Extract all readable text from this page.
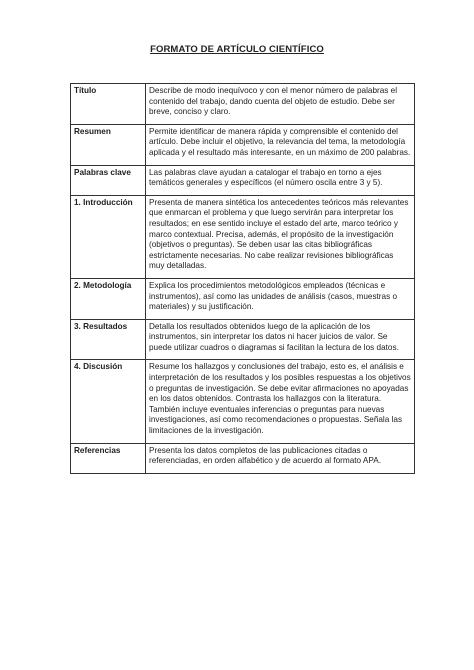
FORMATO DE ARTÍCULO CIENTÍFICO
Título	Describe de modo inequívoco y con el menor número de palabras el contenido del trabajo, dando cuenta del objeto de estudio. Debe ser breve, conciso y claro.
Resumen	Permite identificar de manera rápida y comprensible el contenido del artículo. Debe incluir el objetivo, la relevancia del tema, la metodología aplicada y el resultado más interesante, en un máximo de 200 palabras.
Palabras clave	Las palabras clave ayudan a catalogar el trabajo en torno a ejes temáticos generales y específicos (el número oscila entre 3 y 5).
1. Introducción	Presenta de manera sintética los antecedentes teóricos más relevantes que enmarcan el problema y que luego servirán para interpretar los resultados; en ese sentido incluye el estado del arte, marco teórico y marco contextual. Precisa, además, el propósito de la investigación (objetivos o preguntas). Se deben usar las citas bibliográficas estrictamente necesarias. No cabe realizar revisiones bibliográficas muy detalladas.
2. Metodología	Explica los procedimientos metodológicos empleados (técnicas e instrumentos), así como las unidades de análisis (casos, muestras o materiales) y su justificación.
3. Resultados	Detalla los resultados obtenidos luego de la aplicación de los instrumentos, sin interpretar los datos ni hacer juicios de valor. Se puede utilizar cuadros o diagramas si facilitan la lectura de los datos.
4. Discusión	Resume los hallazgos y conclusiones del trabajo, esto es, el análisis e interpretación de los resultados y los posibles respuestas a los objetivos o preguntas de investigación. Se debe evitar afirmaciones no apoyadas en los datos obtenidos. Contrasta los hallazgos con la literatura. También incluye eventuales inferencias o preguntas para nuevas investigaciones, así como recomendaciones o propuestas. Señala las limitaciones de la investigación.
Referencias	Presenta los datos completos de las publicaciones citadas o referenciadas, en orden alfabético y de acuerdo al formato APA.
